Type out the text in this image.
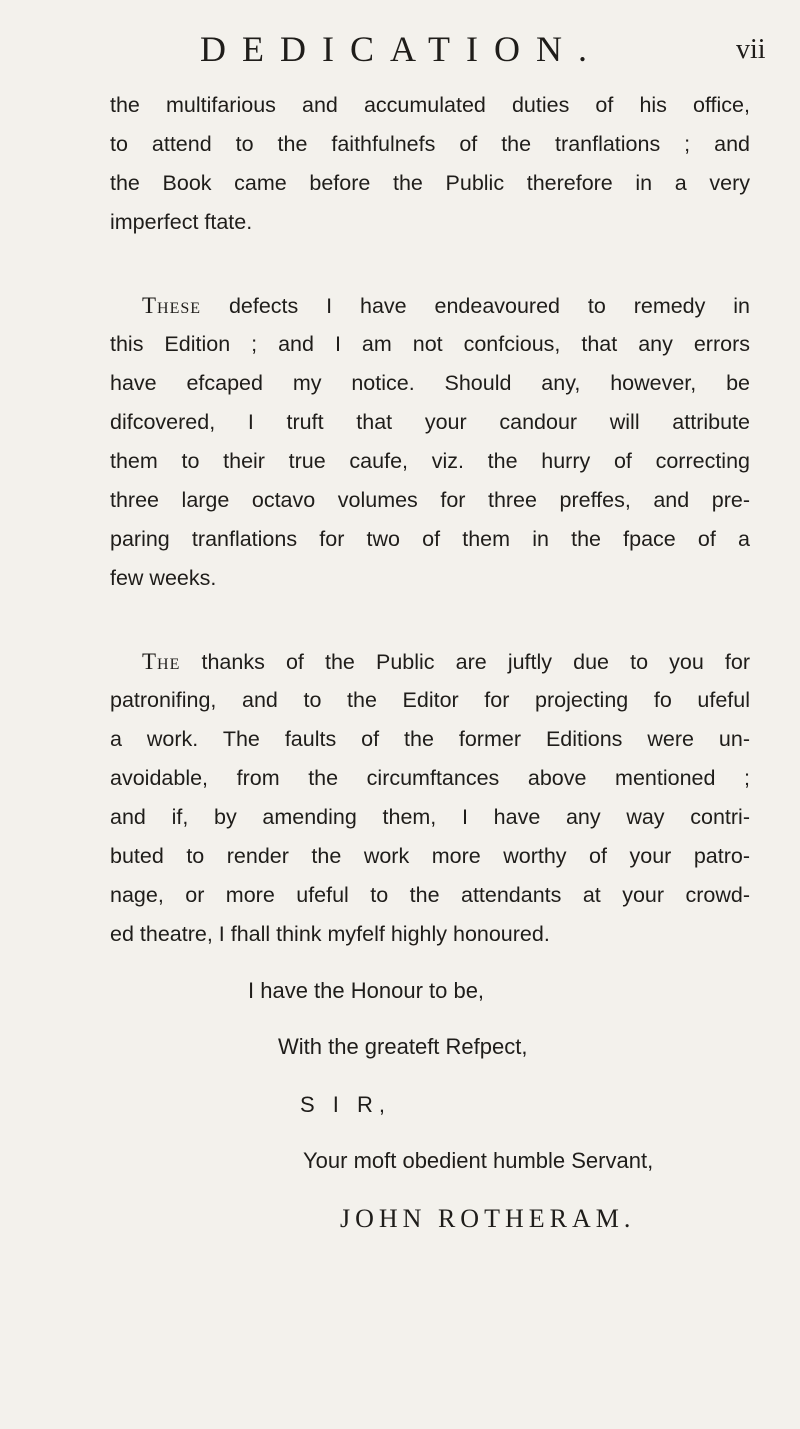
DEDICATION.	vii
the multifarious and accumulated duties of his office,
to attend to the faithfulnefs of the tranflations ; and
the Book came before the Public therefore in a very
imperfect ftate.
These defects I have endeavoured to remedy in
this Edition ; and I am not confcious, that any errors
have efcaped my notice. Should any, however, be
difcovered, I truft that your candour will attribute
them to their true caufe, viz. the hurry of correcting
three large octavo volumes for three preffes, and pre-
paring tranflations for two of them in the fpace of a
few weeks.
The thanks of the Public are juftly due to you for
patronifing, and to the Editor for projecting fo ufeful
a work. The faults of the former Editions were un-
avoidable, from the circumftances above mentioned ;
and if, by amending them, I have any way contri-
buted to render the work more worthy of your patro-
nage, or more ufeful to the attendants at your crowd-
ed theatre, I fhall think myfelf highly honoured.
I have the Honour to be,
With the greateft Refpect,
S I R,
Your moft obedient humble Servant,
JOHN ROTHERAM.
